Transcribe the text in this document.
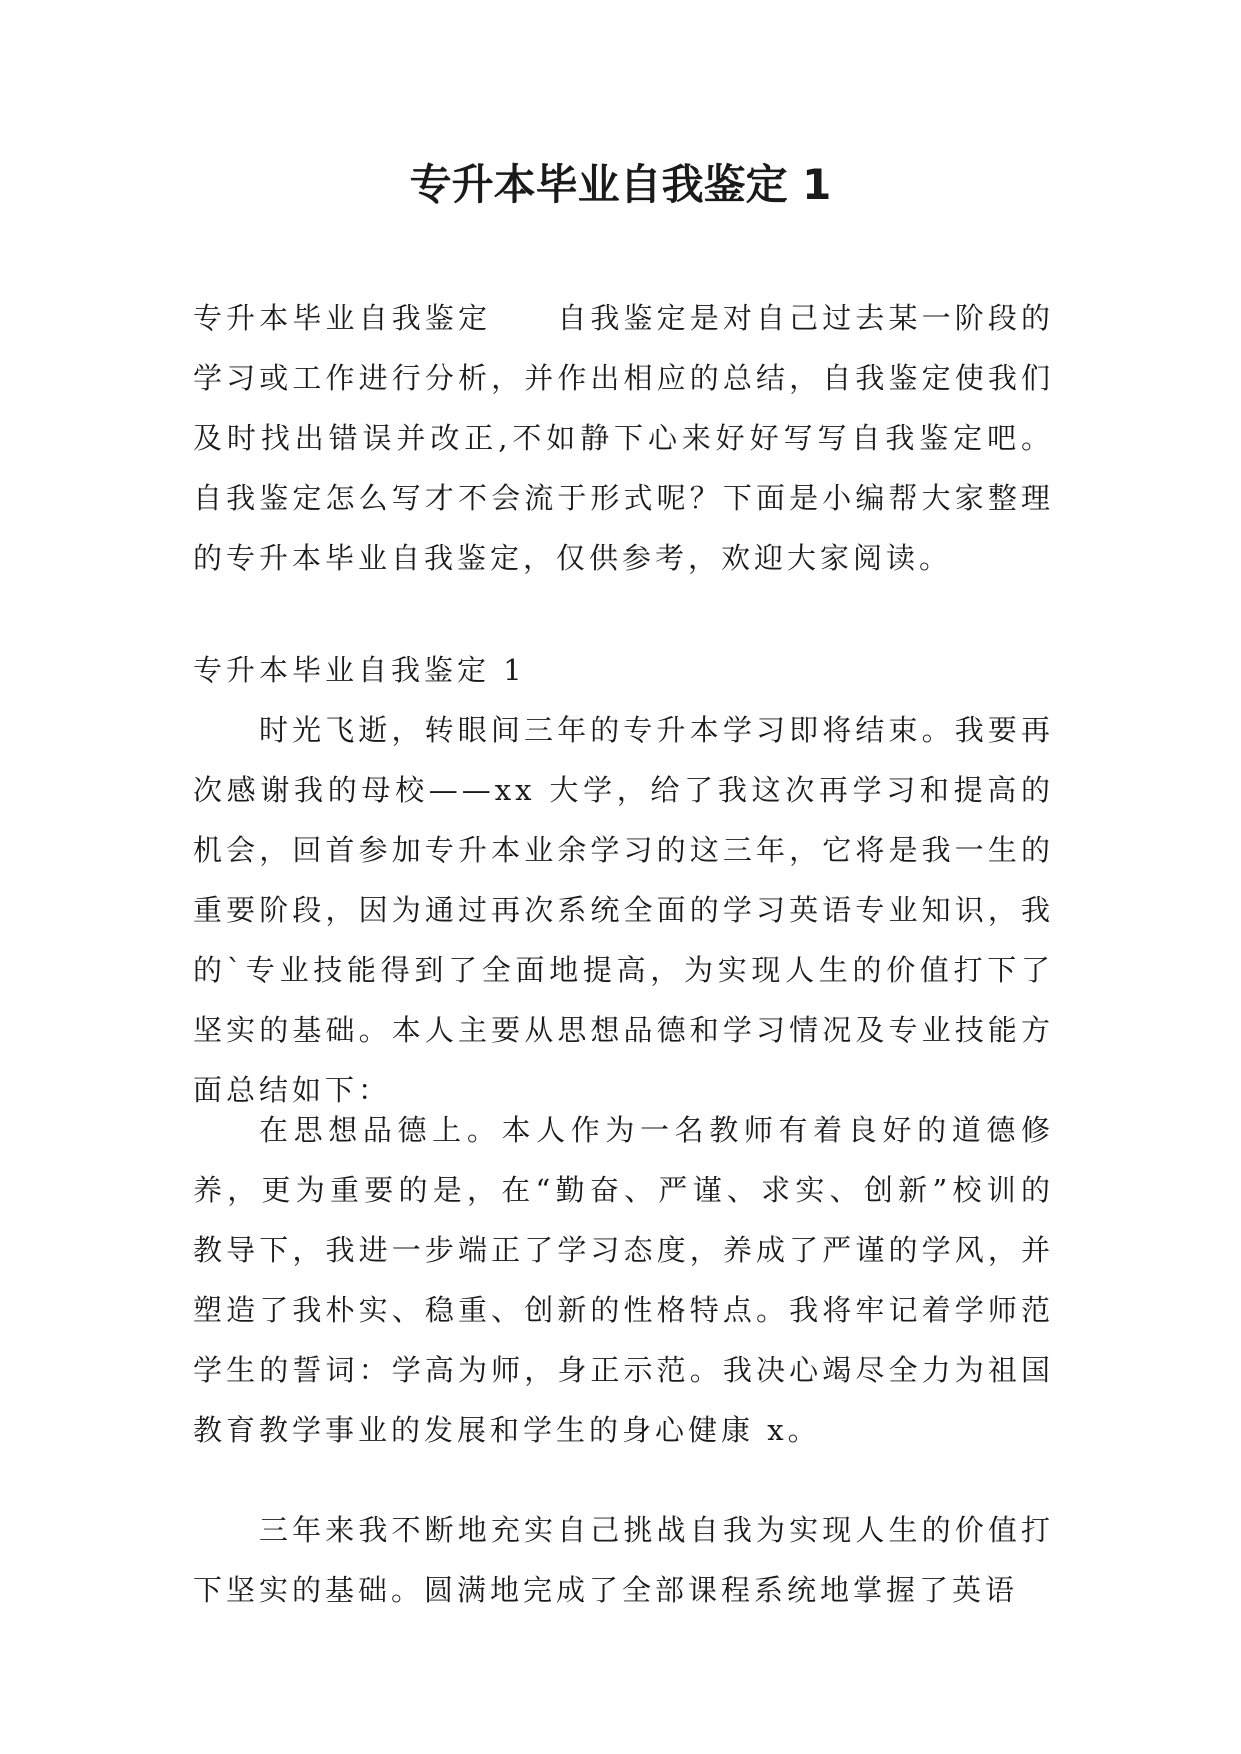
专升本毕业自我鉴定 1

专升本毕业自我鉴定　　自我鉴定是对自己过去某一阶段的学习或工作进行分析，并作出相应的总结，自我鉴定使我们及时找出错误并改正,不如静下心来好好写写自我鉴定吧。自我鉴定怎么写才不会流于形式呢？下面是小编帮大家整理的专升本毕业自我鉴定，仅供参考，欢迎大家阅读。

专升本毕业自我鉴定 1

时光飞逝，转眼间三年的专升本学习即将结束。我要再次感谢我的母校——xx 大学，给了我这次再学习和提高的机会，回首参加专升本业余学习的这三年，它将是我一生的重要阶段，因为通过再次系统全面的学习英语专业知识，我的`专业技能得到了全面地提高，为实现人生的价值打下了坚实的基础。本人主要从思想品德和学习情况及专业技能方面总结如下：

在思想品德上。本人作为一名教师有着良好的道德修养，更为重要的是，在“勤奋、严谨、求实、创新”校训的教导下，我进一步端正了学习态度，养成了严谨的学风，并塑造了我朴实、稳重、创新的性格特点。我将牢记着学师范学生的誓词：学高为师，身正示范。我决心竭尽全力为祖国教育教学事业的发展和学生的身心健康 x。

三年来我不断地充实自己挑战自我为实现人生的价值打下坚实的基础。圆满地完成了全部课程系统地掌握了英语
